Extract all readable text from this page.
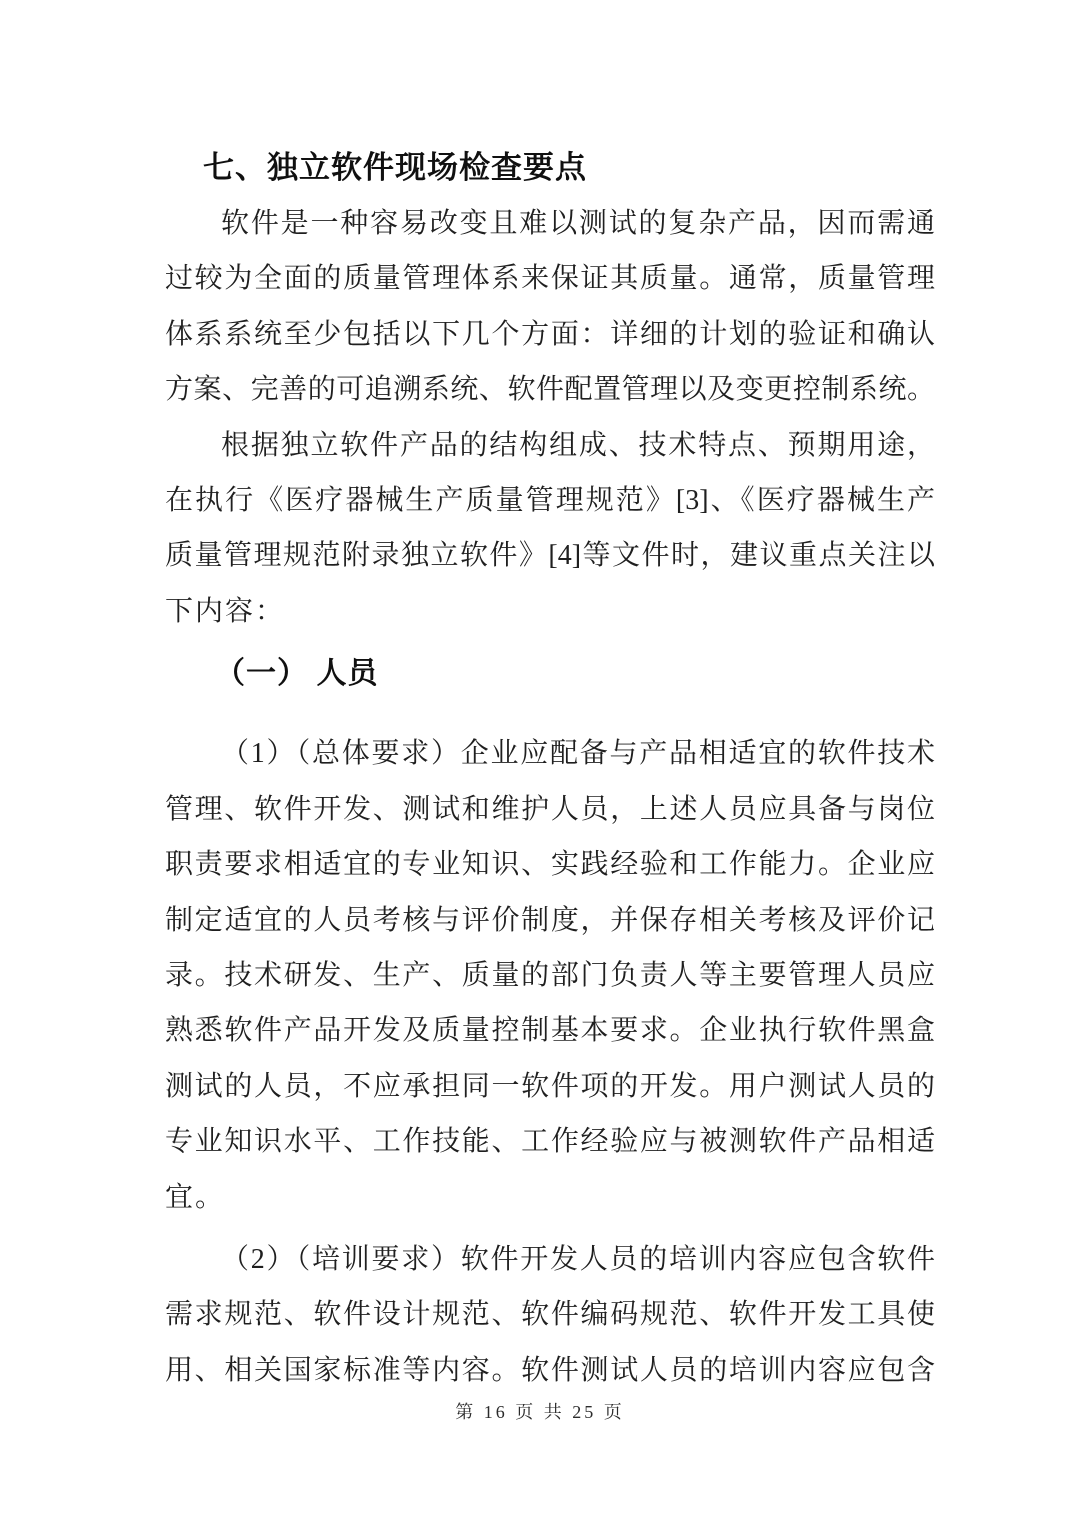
七、独立软件现场检查要点
软件是一种容易改变且难以测试的复杂产品，因而需通
过较为全面的质量管理体系来保证其质量。通常，质量管理
体系系统至少包括以下几个方面：详细的计划的验证和确认
方案、完善的可追溯系统、软件配置管理以及变更控制系统。
根据独立软件产品的结构组成、技术特点、预期用途，
在执行《医疗器械生产质量管理规范》[3]、《医疗器械生产
质量管理规范附录独立软件》[4]等文件时，建议重点关注以
下内容：
（一） 人员
（1）（总体要求）企业应配备与产品相适宜的软件技术
管理、软件开发、测试和维护人员，上述人员应具备与岗位
职责要求相适宜的专业知识、实践经验和工作能力。企业应
制定适宜的人员考核与评价制度，并保存相关考核及评价记
录。技术研发、生产、质量的部门负责人等主要管理人员应
熟悉软件产品开发及质量控制基本要求。企业执行软件黑盒
测试的人员，不应承担同一软件项的开发。用户测试人员的
专业知识水平、工作技能、工作经验应与被测软件产品相适
宜。
（2）（培训要求）软件开发人员的培训内容应包含软件
需求规范、软件设计规范、软件编码规范、软件开发工具使
用、相关国家标准等内容。软件测试人员的培训内容应包含
第 16 页 共 25 页
